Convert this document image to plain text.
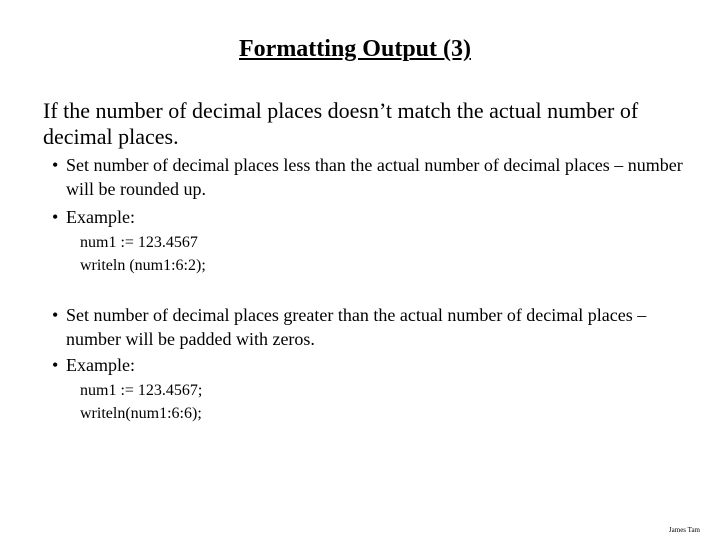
Formatting Output (3)
If the number of decimal places doesn’t match the actual number of decimal places.
• Set number of decimal places less than the actual number of decimal places – number will be rounded up.
• Example:
num1 := 123.4567
writeln (num1:6:2);
• Set number of decimal places greater than the actual number of decimal places – number will be padded with zeros.
• Example:
num1 := 123.4567;
writeln(num1:6:6);
James Tam
